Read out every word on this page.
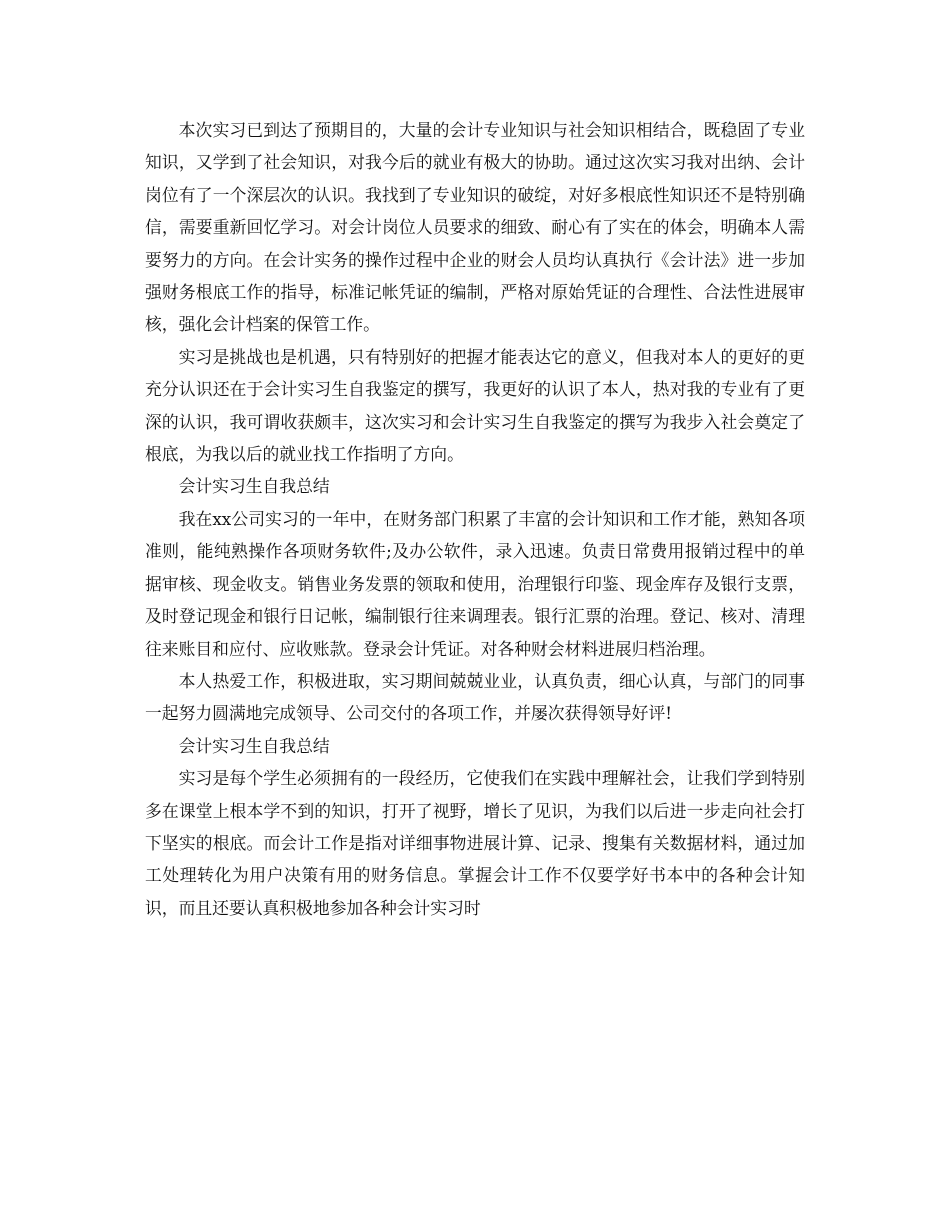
本次实习已到达了预期目的，大量的会计专业知识与社会知识相结合，既稳固了专业知识，又学到了社会知识，对我今后的就业有极大的协助。通过这次实习我对出纳、会计岗位有了一个深层次的认识。我找到了专业知识的破绽，对好多根底性知识还不是特别确信，需要重新回忆学习。对会计岗位人员要求的细致、耐心有了实在的体会，明确本人需要努力的方向。在会计实务的操作过程中企业的财会人员均认真执行《会计法》进一步加强财务根底工作的指导，标准记帐凭证的编制，严格对原始凭证的合理性、合法性进展审核，强化会计档案的保管工作。

实习是挑战也是机遇，只有特别好的把握才能表达它的意义，但我对本人的更好的更充分认识还在于会计实习生自我鉴定的撰写，我更好的认识了本人，热对我的专业有了更深的认识，我可谓收获颇丰，这次实习和会计实习生自我鉴定的撰写为我步入社会奠定了根底，为我以后的就业找工作指明了方向。

会计实习生自我总结

我在xx公司实习的一年中，在财务部门积累了丰富的会计知识和工作才能，熟知各项准则，能纯熟操作各项财务软件;及办公软件，录入迅速。负责日常费用报销过程中的单据审核、现金收支。销售业务发票的领取和使用，治理银行印鉴、现金库存及银行支票，及时登记现金和银行日记帐，编制银行往来调理表。银行汇票的治理。登记、核对、清理往来账目和应付、应收账款。登录会计凭证。对各种财会材料进展归档治理。

本人热爱工作，积极进取，实习期间兢兢业业，认真负责，细心认真，与部门的同事一起努力圆满地完成领导、公司交付的各项工作，并屡次获得领导好评!

会计实习生自我总结

实习是每个学生必须拥有的一段经历，它使我们在实践中理解社会，让我们学到特别多在课堂上根本学不到的知识，打开了视野，增长了见识，为我们以后进一步走向社会打下坚实的根底。而会计工作是指对详细事物进展计算、记录、搜集有关数据材料，通过加工处理转化为用户决策有用的财务信息。掌握会计工作不仅要学好书本中的各种会计知识，而且还要认真积极地参加各种会计实习时
